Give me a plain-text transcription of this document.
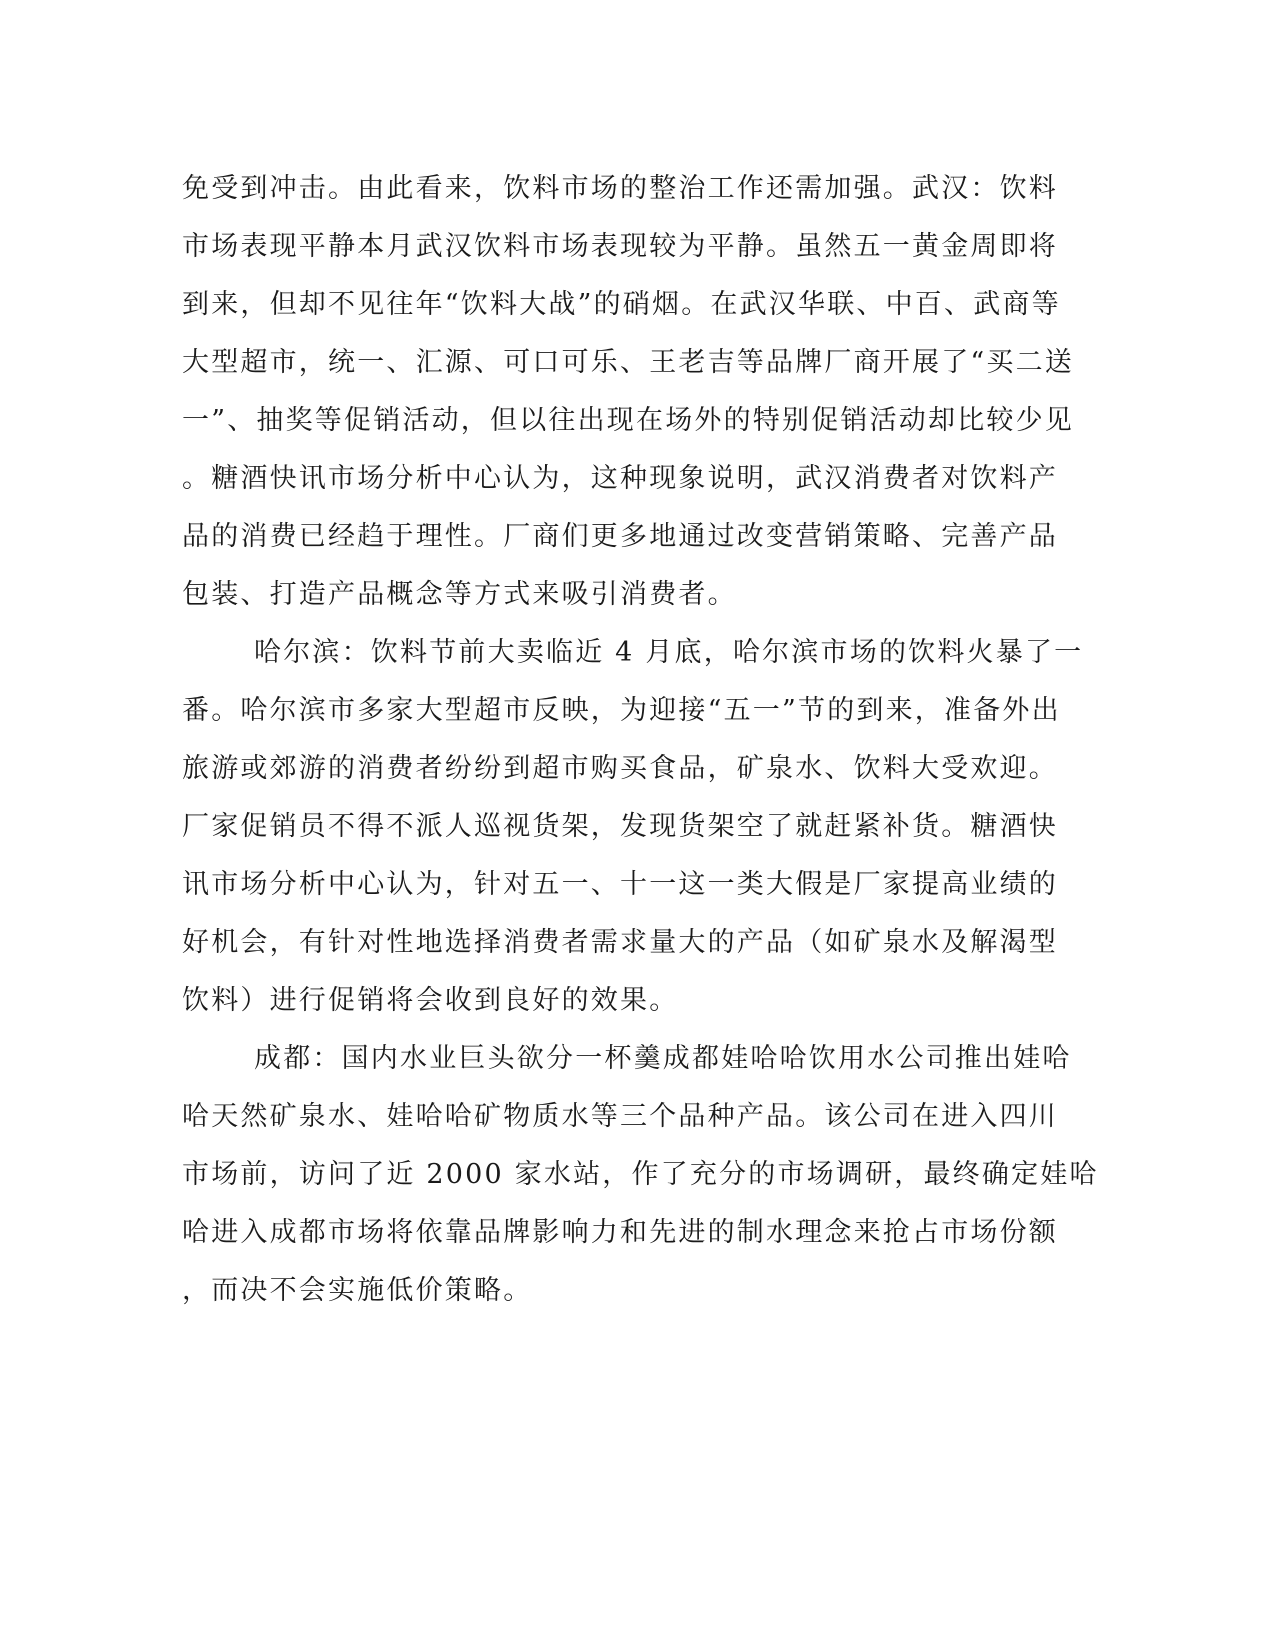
免受到冲击。由此看来，饮料市场的整治工作还需加强。武汉：饮料
市场表现平静本月武汉饮料市场表现较为平静。虽然五一黄金周即将
到来，但却不见往年“饮料大战”的硝烟。在武汉华联、中百、武商等
大型超市，统一、汇源、可口可乐、王老吉等品牌厂商开展了“买二送
一”、抽奖等促销活动，但以往出现在场外的特别促销活动却比较少见
。糖酒快讯市场分析中心认为，这种现象说明，武汉消费者对饮料产
品的消费已经趋于理性。厂商们更多地通过改变营销策略、完善产品
包装、打造产品概念等方式来吸引消费者。
哈尔滨：饮料节前大卖临近 4 月底，哈尔滨市场的饮料火暴了一
番。哈尔滨市多家大型超市反映，为迎接“五一”节的到来，准备外出
旅游或郊游的消费者纷纷到超市购买食品，矿泉水、饮料大受欢迎。
厂家促销员不得不派人巡视货架，发现货架空了就赶紧补货。糖酒快
讯市场分析中心认为，针对五一、十一这一类大假是厂家提高业绩的
好机会，有针对性地选择消费者需求量大的产品（如矿泉水及解渴型
饮料）进行促销将会收到良好的效果。
成都：国内水业巨头欲分一杯羹成都娃哈哈饮用水公司推出娃哈
哈天然矿泉水、娃哈哈矿物质水等三个品种产品。该公司在进入四川
市场前，访问了近 2000 家水站，作了充分的市场调研，最终确定娃哈
哈进入成都市场将依靠品牌影响力和先进的制水理念来抢占市场份额
，而决不会实施低价策略。
